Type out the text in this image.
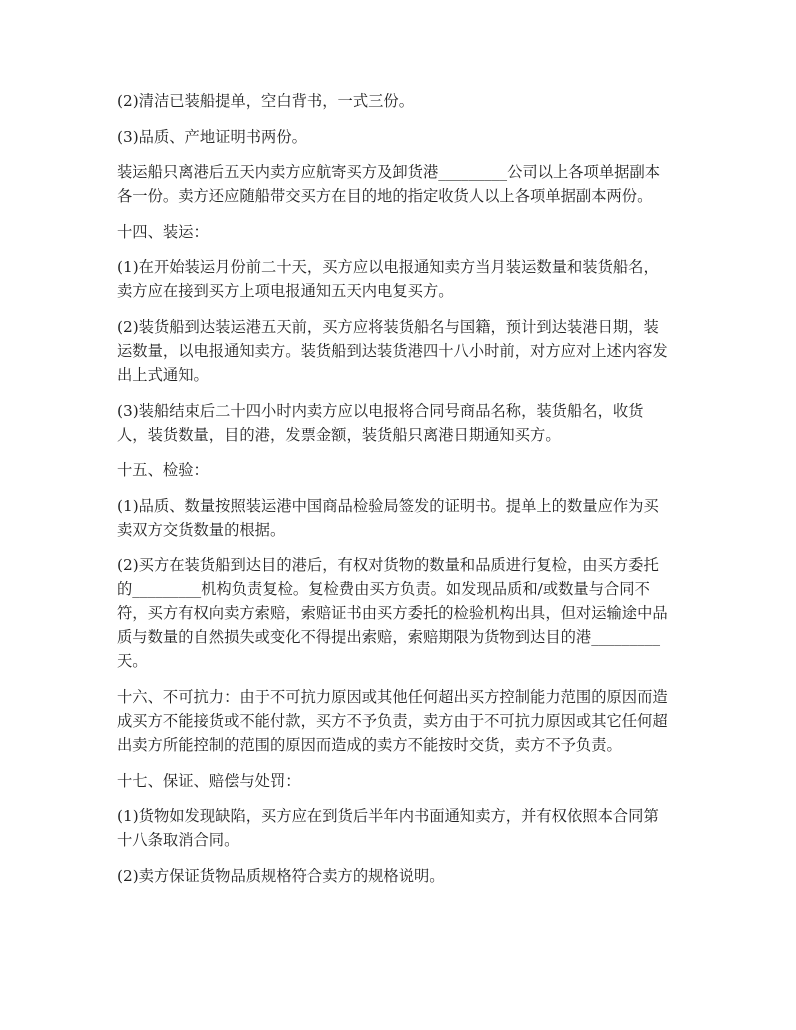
(2)清洁已装船提单，空白背书，一式三份。
(3)品质、产地证明书两份。
装运船只离港后五天内卖方应航寄买方及卸货港_________公司以上各项单据副本
各一份。卖方还应随船带交买方在目的地的指定收货人以上各项单据副本两份。
十四、装运：
(1)在开始装运月份前二十天，买方应以电报通知卖方当月装运数量和装货船名，
卖方应在接到买方上项电报通知五天内电复买方。
(2)装货船到达装运港五天前，买方应将装货船名与国籍，预计到达装港日期，装
运数量，以电报通知卖方。装货船到达装货港四十八小时前，对方应对上述内容发
出上式通知。
(3)装船结束后二十四小时内卖方应以电报将合同号商品名称，装货船名，收货
人，装货数量，目的港，发票金额，装货船只离港日期通知买方。
十五、检验：
(1)品质、数量按照装运港中国商品检验局签发的证明书。提单上的数量应作为买
卖双方交货数量的根据。
(2)买方在装货船到达目的港后，有权对货物的数量和品质进行复检，由买方委托
的_________机构负责复检。复检费由买方负责。如发现品质和/或数量与合同不
符，买方有权向卖方索赔，索赔证书由买方委托的检验机构出具，但对运输途中品
质与数量的自然损失或变化不得提出索赔，索赔期限为货物到达目的港_________
天。
十六、不可抗力：由于不可抗力原因或其他任何超出买方控制能力范围的原因而造
成买方不能接货或不能付款，买方不予负责，卖方由于不可抗力原因或其它任何超
出卖方所能控制的范围的原因而造成的卖方不能按时交货，卖方不予负责。
十七、保证、赔偿与处罚：
(1)货物如发现缺陷，买方应在到货后半年内书面通知卖方，并有权依照本合同第
十八条取消合同。
(2)卖方保证货物品质规格符合卖方的规格说明。
